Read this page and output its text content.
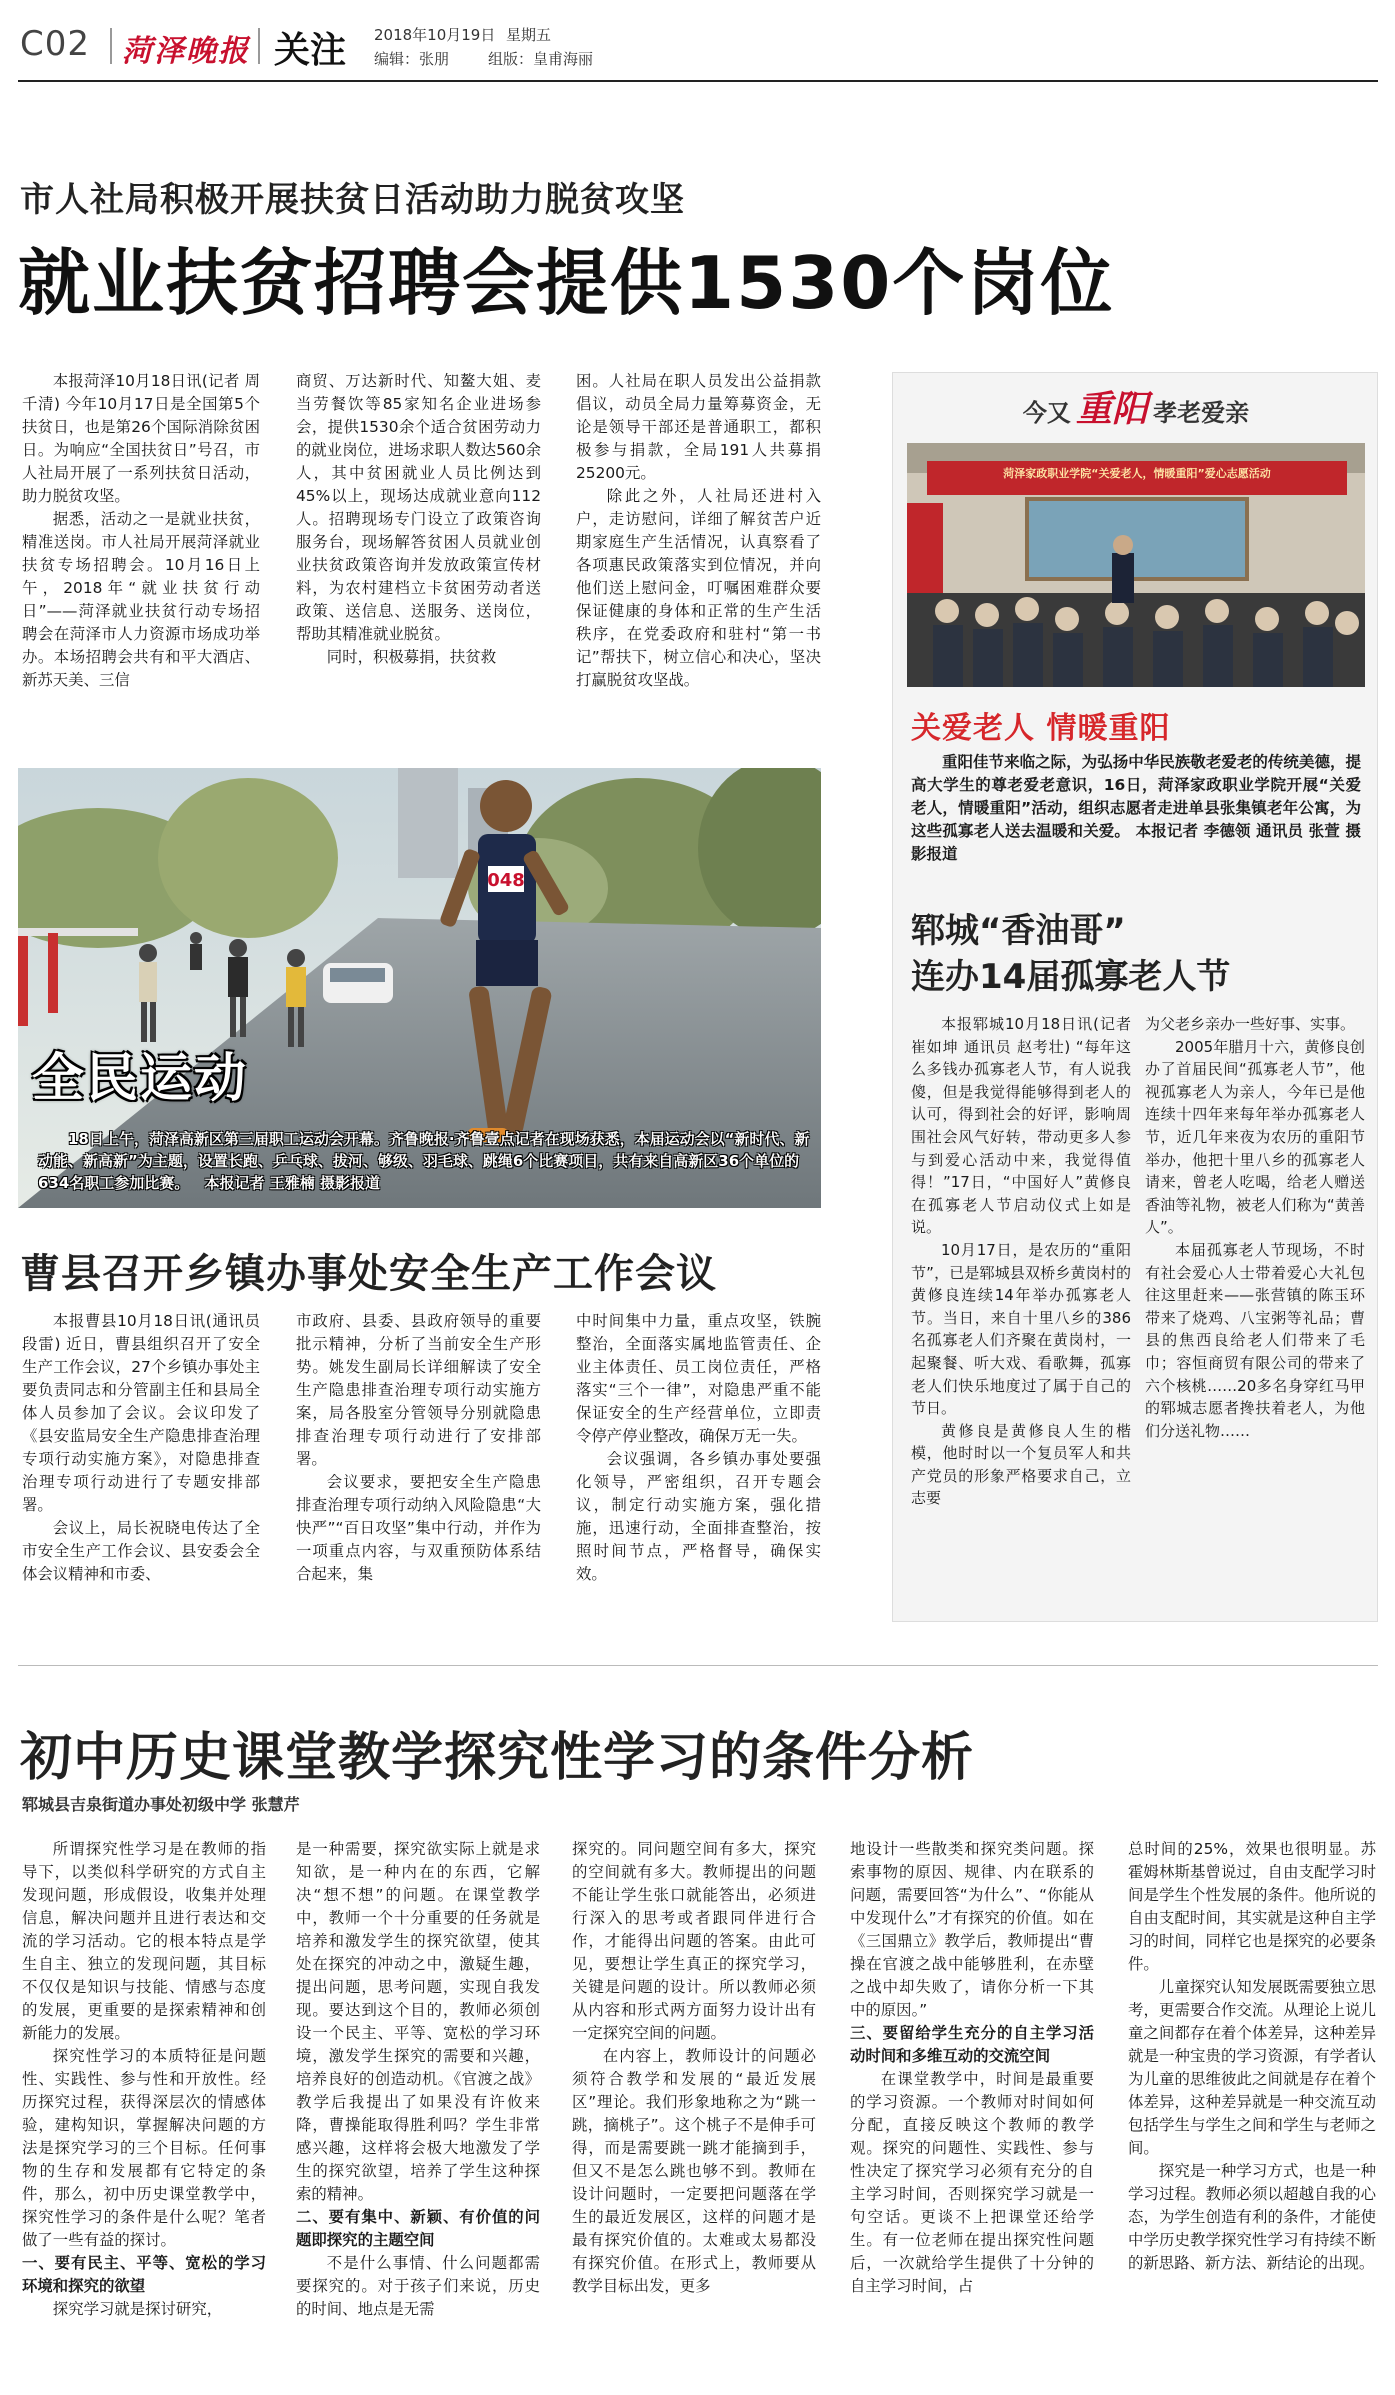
C02 菏泽晚报 关注 2018年10月19日 星期五
编辑：张朋	组版：皇甫海丽
市人社局积极开展扶贫日活动助力脱贫攻坚
就业扶贫招聘会提供1530个岗位

本报菏泽10月18日讯(记者 周千清) 今年10月17日是全国第5个扶贫日，也是第26个国际消除贫困日。为响应“全国扶贫日”号召，市人社局开展了一系列扶贫日活动，助力脱贫攻坚。

据悉，活动之一是就业扶贫，精准送岗。市人社局开展菏泽就业扶贫专场招聘会。10月16日上午，2018年“就业扶贫行动日”——菏泽就业扶贫行动专场招聘会在菏泽市人力资源市场成功举办。本场招聘会共有和平大酒店、新苏天美、三信

商贸、万达新时代、知鳌大姐、麦当劳餐饮等85家知名企业进场参会，提供1530余个适合贫困劳动力的就业岗位，进场求职人数达560余人，其中贫困就业人员比例达到45%以上，现场达成就业意向112人。招聘现场专门设立了政策咨询服务台，现场解答贫困人员就业创业扶贫政策咨询并发放政策宣传材料，为农村建档立卡贫困劳动者送政策、送信息、送服务、送岗位，帮助其精准就业脱贫。

同时，积极募捐，扶贫救

困。人社局在职人员发出公益捐款倡议，动员全局力量筹募资金，无论是领导干部还是普通职工，都积极参与捐款，全局191人共募捐25200元。

除此之外，人社局还进村入户，走访慰问，详细了解贫苦户近期家庭生产生活情况，认真察看了各项惠民政策落实到位情况，并向他们送上慰问金，叮嘱困难群众要保证健康的身体和正常的生产生活秩序，在党委政府和驻村“第一书记”帮扶下，树立信心和决心，坚决打赢脱贫攻坚战。

048
全民运动
18日上午，菏泽高新区第三届职工运动会开幕。齐鲁晚报·齐鲁壹点记者在现场获悉，本届运动会以“新时代、新动能、新高新”为主题，设置长跑、乒乓球、拔河、够级、羽毛球、跳绳6个比赛项目，共有来自高新区36个单位的634名职工参加比赛。 本报记者 王雅楠 摄影报道
曹县召开乡镇办事处安全生产工作会议

本报曹县10月18日讯(通讯员 段雷) 近日，曹县组织召开了安全生产工作会议，27个乡镇办事处主要负责同志和分管副主任和县局全体人员参加了会议。会议印发了《县安监局安全生产隐患排查治理专项行动实施方案》，对隐患排查治理专项行动进行了专题安排部署。

会议上，局长祝晓电传达了全市安全生产工作会议、县安委会全体会议精神和市委、

市政府、县委、县政府领导的重要批示精神，分析了当前安全生产形势。姚发生副局长详细解读了安全生产隐患排查治理专项行动实施方案，局各股室分管领导分别就隐患排查治理专项行动进行了安排部署。

会议要求，要把安全生产隐患排查治理专项行动纳入风险隐患“大快严”“百日攻坚”集中行动，并作为一项重点内容，与双重预防体系结合起来，集

中时间集中力量，重点攻坚，铁腕整治，全面落实属地监管责任、企业主体责任、员工岗位责任，严格落实“三个一律”，对隐患严重不能保证安全的生产经营单位，立即责令停产停业整改，确保万无一失。

会议强调，各乡镇办事处要强化领导，严密组织，召开专题会议，制定行动实施方案，强化措施，迅速行动，全面排查整治，按照时间节点，严格督导，确保实效。

今又 重阳 孝老爱亲
菏泽家政职业学院“关爱老人，情暖重阳”爱心志愿活动
关爱老人 情暖重阳
重阳佳节来临之际，为弘扬中华民族敬老爱老的传统美德，提高大学生的尊老爱老意识，16日，菏泽家政职业学院开展“关爱老人，情暖重阳”活动，组织志愿者走进单县张集镇老年公寓，为这些孤寡老人送去温暖和关爱。 本报记者 李德领 通讯员 张萱 摄影报道
郓城“香油哥”
连办14届孤寡老人节

本报郓城10月18日讯(记者 崔如坤 通讯员 赵考壮) “每年这么多钱办孤寡老人节，有人说我傻，但是我觉得能够得到老人的认可，得到社会的好评，影响周围社会风气好转，带动更多人参与到爱心活动中来，我觉得值得！”17日，“中国好人”黄修良在孤寡老人节启动仪式上如是说。

10月17日，是农历的“重阳节”，已是郓城县双桥乡黄岗村的黄修良连续14年举办孤寡老人节。当日，来自十里八乡的386名孤寡老人们齐聚在黄岗村，一起聚餐、听大戏、看歌舞，孤寡老人们快乐地度过了属于自己的节日。

黄修良是黄修良人生的楷模，他时时以一个复员军人和共产党员的形象严格要求自己，立志要

为父老乡亲办一些好事、实事。

2005年腊月十六，黄修良创办了首届民间“孤寡老人节”，他视孤寡老人为亲人，今年已是他连续十四年来每年举办孤寡老人节，近几年来夜为农历的重阳节举办，他把十里八乡的孤寡老人请来，曾老人吃喝，给老人赠送香油等礼物，被老人们称为“黄善人”。

本届孤寡老人节现场，不时有社会爱心人士带着爱心大礼包往这里赶来——张营镇的陈玉环带来了烧鸡、八宝粥等礼品；曹县的焦西良给老人们带来了毛巾；容恒商贸有限公司的带来了六个核桃……20多名身穿红马甲的郓城志愿者搀扶着老人，为他们分送礼物……

初中历史课堂教学探究性学习的条件分析
郓城县吉泉街道办事处初级中学 张慧芹

所谓探究性学习是在教师的指导下，以类似科学研究的方式自主发现问题，形成假设，收集并处理信息，解决问题并且进行表达和交流的学习活动。它的根本特点是学生自主、独立的发现问题，其目标不仅仅是知识与技能、情感与态度的发展，更重要的是探索精神和创新能力的发展。

探究性学习的本质特征是问题性、实践性、参与性和开放性。经历探究过程，获得深层次的情感体验，建构知识，掌握解决问题的方法是探究学习的三个目标。任何事物的生存和发展都有它特定的条件，那么，初中历史课堂教学中，探究性学习的条件是什么呢？笔者做了一些有益的探讨。

一、要有民主、平等、宽松的学习环境和探究的欲望

探究学习就是探讨研究，

是一种需要，探究欲实际上就是求知欲，是一种内在的东西，它解决“想不想”的问题。在课堂教学中，教师一个十分重要的任务就是培养和激发学生的探究欲望，使其处在探究的冲动之中，激疑生趣，提出问题，思考问题，实现自我发现。要达到这个目的，教师必须创设一个民主、平等、宽松的学习环境，激发学生探究的需要和兴趣，培养良好的创造动机。《官渡之战》教学后我提出了如果没有许攸来降，曹操能取得胜利吗？学生非常感兴趣，这样将会极大地激发了学生的探究欲望，培养了学生这种探索的精神。

二、要有集中、新颖、有价值的问题即探究的主题空间

不是什么事情、什么问题都需要探究的。对于孩子们来说，历史的时间、地点是无需

探究的。同问题空间有多大，探究的空间就有多大。教师提出的问题不能让学生张口就能答出，必须进行深入的思考或者跟同伴进行合作，才能得出问题的答案。由此可见，要想让学生真正的探究学习，关键是问题的设计。所以教师必须从内容和形式两方面努力设计出有一定探究空间的问题。

在内容上，教师设计的问题必须符合教学和发展的“最近发展区”理论。我们形象地称之为“跳一跳，摘桃子”。这个桃子不是伸手可得，而是需要跳一跳才能摘到手，但又不是怎么跳也够不到。教师在设计问题时，一定要把问题落在学生的最近发展区，这样的问题才是最有探究价值的。太难或太易都没有探究价值。在形式上，教师要从教学目标出发，更多

地设计一些散类和探究类问题。探索事物的原因、规律、内在联系的问题，需要回答“为什么”、“你能从中发现什么”才有探究的价值。如在《三国鼎立》教学后，教师提出“曹操在官渡之战中能够胜利，在赤壁之战中却失败了，请你分析一下其中的原因。”

三、要留给学生充分的自主学习活动时间和多维互动的交流空间

在课堂教学中，时间是最重要的学习资源。一个教师对时间如何分配，直接反映这个教师的教学观。探究的问题性、实践性、参与性决定了探究学习必须有充分的自主学习时间，否则探究学习就是一句空话。更谈不上把课堂还给学生。有一位老师在提出探究性问题后，一次就给学生提供了十分钟的自主学习时间，占

总时间的25%，效果也很明显。苏霍姆林斯基曾说过，自由支配学习时间是学生个性发展的条件。他所说的自由支配时间，其实就是这种自主学习的时间，同样它也是探究的必要条件。

儿童探究认知发展既需要独立思考，更需要合作交流。从理论上说儿童之间都存在着个体差异，这种差异就是一种宝贵的学习资源，有学者认为儿童的思维彼此之间就是存在着个体差异，这种差异就是一种交流互动包括学生与学生之间和学生与老师之间。

探究是一种学习方式，也是一种学习过程。教师必须以超越自我的心态，为学生创造有利的条件，才能使中学历史教学探究性学习有持续不断的新思路、新方法、新结论的出现。
